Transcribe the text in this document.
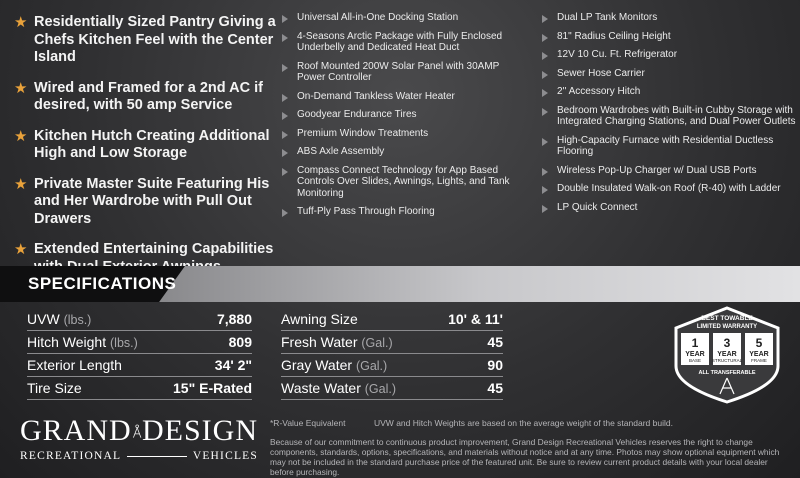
★ Residentially Sized Pantry Giving a Chefs Kitchen Feel with the Center Island
★ Wired and Framed for a 2nd AC if desired, with 50 amp Service
★ Kitchen Hutch Creating Additional High and Low Storage
★ Private Master Suite Featuring His and Her Wardrobe with Pull Out Drawers
★ Extended Entertaining Capabilities
Universal All-in-One Docking Station
4-Seasons Arctic Package with Fully Enclosed Underbelly and Dedicated Heat Duct
Roof Mounted 200W Solar Panel with 30AMP Power Controller
On-Demand Tankless Water Heater
Goodyear Endurance Tires
Premium Window Treatments
ABS Axle Assembly
Compass Connect Technology for App Based Controls Over Slides, Awnings, Lights, and Tank Monitoring
Tuff-Ply Pass Through Flooring
Dual LP Tank Monitors
81" Radius Ceiling Height
12V 10 Cu. Ft. Refrigerator
Sewer Hose Carrier
2'' Accessory Hitch
Bedroom Wardrobes with Built-in Cubby Storage with Integrated Charging Stations, and Dual Power Outlets
High-Capacity Furnace with Residential Ductless Flooring
Wireless Pop-Up Charger w/ Dual USB Ports
Double Insulated Walk-on Roof (R-40) with Ladder
LP Quick Connect
SPECIFICATIONS
UVW (lbs.)	7,880
Hitch Weight (lbs.)	809
Exterior Length	34' 2"
Tire Size	15" E-Rated
Awning Size	10' & 11'
Fresh Water (Gal.)	45
Gray Water (Gal.)	90
Waste Water (Gal.)	45
BEST TOWABLE
LIMITED WARRANTY
1
YEAR
BASE
3
YEAR
STRUCTURAL
5
YEAR
FRAME
ALL TRANSFERABLE
GRAND DESIGN
RECREATIONAL	VEHICLES
*R-Value Equivalent	UVW and Hitch Weights are based on the average weight of the standard build.
Because of our commitment to continuous product improvement, Grand Design Recreational Vehicles reserves the right to change components, standards, options, specifications, and materials without notice and at any time. Photos may show optional equipment which may not be included in the standard purchase price of the featured unit. Be sure to review current product details with your local dealer before purchasing.
